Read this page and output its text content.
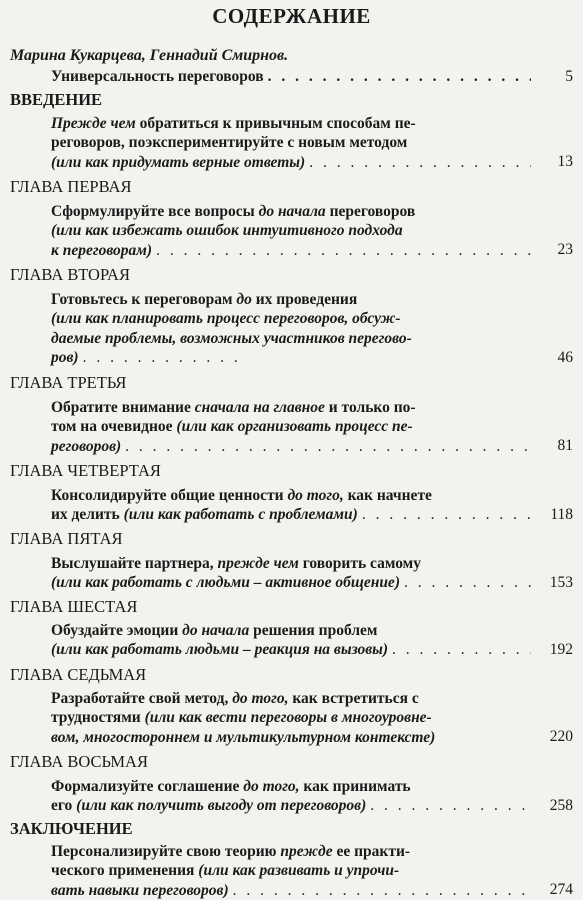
СОДЕРЖАНИЕ
Марина Кукарцева, Геннадий Смирнов.
Универсальность переговоров . . .	5
ВВЕДЕНИЕ
Прежде чем обратиться к привычным способам пе-
реговоров, поэкспериментируйте с новым методом
(или как придумать верные ответы) . . .	13
ГЛАВА ПЕРВАЯ
Сформулируйте все вопросы до начала переговоров
(или как избежать ошибок интуитивного подхода
к переговорам) . . .	23
ГЛАВА ВТОРАЯ
Готовьтесь к переговорам до их проведения
(или как планировать процесс переговоров, обсуж-
даемые проблемы, возможных участников перегово-
ров) . . .	46
ГЛАВА ТРЕТЬЯ
Обратите внимание сначала на главное и только по-
том на очевидное (или как организовать процесс пе-
реговоров) . . .	81
ГЛАВА ЧЕТВЕРТАЯ
Консолидируйте общие ценности до того, как начнете
их делить (или как работать с проблемами) . . .	118
ГЛАВА ПЯТАЯ
Выслушайте партнера, прежде чем говорить самому
(или как работать с людьми – активное общение) . . .	153
ГЛАВА ШЕСТАЯ
Обуздайте эмоции до начала решения проблем
(или как работать людьми – реакция на вызовы) . . .	192
ГЛАВА СЕДЬМАЯ
Разработайте свой метод, до того, как встретиться с
трудностями (или как вести переговоры в многоуровне-
вом, многостороннем и мультикультурном контексте)	220
ГЛАВА ВОСЬМАЯ
Формализуйте соглашение до того, как принимать
его (или как получить выгоду от переговоров) . . .	258
ЗАКЛЮЧЕНИЕ
Персонализируйте свою теорию прежде ее практи-
ческого применения (или как развивать и упрочи-
вать навыки переговоров) . . .	274
